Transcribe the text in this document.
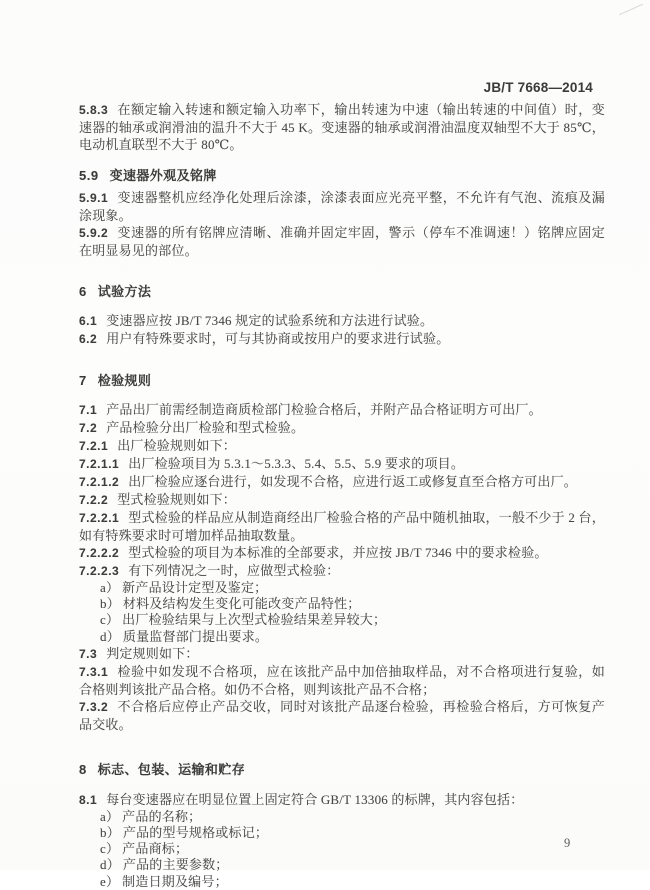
JB/T 7668—2014

5.8.3 在额定输入转速和额定输入功率下，输出转速为中速（输出转速的中间值）时，变速器的轴承或润滑油的温升不大于 45 K。变速器的轴承或润滑油温度双轴型不大于 85℃，电动机直联型不大于 80℃。

5.9 变速器外观及铭牌

5.9.1 变速器整机应经净化处理后涂漆，涂漆表面应光亮平整，不允许有气泡、流痕及漏涂现象。

5.9.2 变速器的所有铭牌应清晰、准确并固定牢固，警示（停车不准调速！）铭牌应固定在明显易见的部位。

6 试验方法

6.1 变速器应按 JB/T 7346 规定的试验系统和方法进行试验。

6.2 用户有特殊要求时，可与其协商或按用户的要求进行试验。

7 检验规则

7.1 产品出厂前需经制造商质检部门检验合格后，并附产品合格证明方可出厂。

7.2 产品检验分出厂检验和型式检验。

7.2.1 出厂检验规则如下：

7.2.1.1 出厂检验项目为 5.3.1～5.3.3、5.4、5.5、5.9 要求的项目。

7.2.1.2 出厂检验应逐台进行，如发现不合格，应进行返工或修复直至合格方可出厂。

7.2.2 型式检验规则如下：

7.2.2.1 型式检验的样品应从制造商经出厂检验合格的产品中随机抽取，一般不少于 2 台，如有特殊要求时可增加样品抽取数量。

7.2.2.2 型式检验的项目为本标准的全部要求，并应按 JB/T 7346 中的要求检验。

7.2.2.3 有下列情况之一时，应做型式检验：

a） 新产品设计定型及鉴定；

b） 材料及结构发生变化可能改变产品特性；

c） 出厂检验结果与上次型式检验结果差异较大；

d） 质量监督部门提出要求。

7.3 判定规则如下：

7.3.1 检验中如发现不合格项，应在该批产品中加倍抽取样品，对不合格项进行复验，如合格则判该批产品合格。如仍不合格，则判该批产品不合格；

7.3.2 不合格后应停止产品交收，同时对该批产品逐台检验，再检验合格后，方可恢复产品交收。

8 标志、包装、运输和贮存

8.1 每台变速器应在明显位置上固定符合 GB/T 13306 的标牌，其内容包括：

a） 产品的名称；

b） 产品的型号规格或标记；

c） 产品商标；

d） 产品的主要参数；

e） 制造日期及编号；

9
